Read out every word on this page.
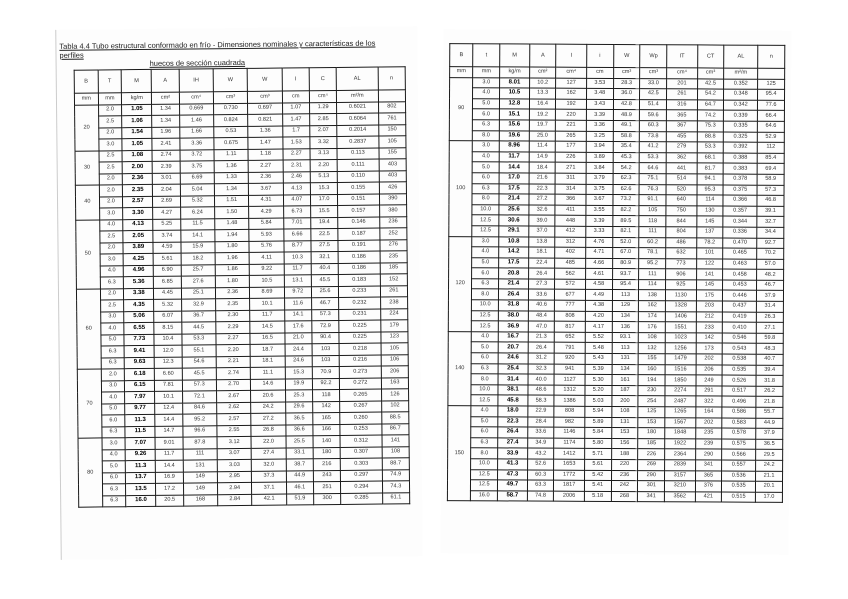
Tabla 4.4 Tubo estructural conformado en frío - Dimensiones nominales y características de los perfiles
huecos de sección cuadrada
B	T	M	A	IH	W	W	I	C	AL	n
mm	mm	kg/m	cm²	cm⁴	cm³	cm³	cm	cm⁴	m²/m	
20	2.0	1.05	1.34	0.669	0.730	0.697	1.07	1.29	0.6021	802
	2.5	1.06	1.34	1.46	0.824	0.821	1.47	2.85	0.6064	761
	2.0	1.54	1.96	1.66	0.53	1.36	1.7	2.07	0.2014	150
	3.0	1.05	2.41	3.36	0.675	1.47	1.53	3.32	0.2837	105
30	2.5	1.08	2.74	3.72	1.11	1.18	2.27	3.13	0.113	155
	2.5	2.00	2.39	3.75	1.36	2.27	2.31	2.20	0.111	403
	2.0	2.36	3.01	6.69	1.33	2.36	2.46	5.13	0.110	403
40	2.0	2.35	2.04	5.04	1.34	3.67	4.13	15.3	0.155	426
	2.0	2.57	2.69	5.32	1.51	4.31	4.07	17.0	0.151	390
	3.0	3.30	4.27	6.24	1.50	4.29	6.73	15.5	0.157	380
50	4.0	4.13	5.25	11.5	1.48	5.84	7.01	19.4	0.146	236
	2.5	2.05	3.74	14.1	1.94	5.93	6.66	22.5	0.187	252
	2.0	3.89	4.59	15.9	1.80	5.76	8.77	27.5	0.191	276
	3.0	4.25	5.61	18.2	1.96	4.11	10.3	32.1	0.186	235
	4.0	4.96	6.90	25.7	1.86	9.22	11.7	40.4	0.186	185
	6.3	5.36	6.85	27.6	1.80	10.5	13.1	45.5	0.183	152
60	2.0	3.38	4.45	25.1	2.36	8.69	9.72	25.6	0.233	261
	2.5	4.35	5.32	32.9	2.35	10.1	11.6	46.7	0.232	238
	3.0	5.06	6.07	36.7	2.30	11.7	14.1	57.3	0.231	224
	4.0	6.55	8.15	44.5	2.29	14.5	17.6	72.9	0.225	179
	5.0	7.73	10.4	53.3	2.27	16.5	21.0	90.4	0.225	123
	6.3	9.41	12.0	55.1	2.20	18.7	24.4	103	0.218	105
	6.3	9.63	12.3	54.6	2.21	18.1	24.6	103	0.216	106
70	2.0	6.18	6.60	45.5	2.74	11.1	15.3	70.9	0.273	206
	3.0	6.15	7.81	57.3	2.70	14.6	19.9	92.2	0.272	163
	4.0	7.97	10.1	72.1	2.67	20.6	25.3	118	0.265	126
	5.0	9.77	12.4	84.6	2.62	24.2	29.6	142	0.267	102
	6.0	11.3	14.4	95.2	2.57	27.2	36.5	165	0.260	88.5
	6.3	11.5	14.7	96.6	2.55	26.8	36.6	166	0.253	86.7
80	3.0	7.07	9.01	87.8	3.12	22.0	25.5	140	0.312	141
	4.0	9.26	11.7	111	3.07	27.4	33.1	180	0.307	108
	5.0	11.3	14.4	131	3.03	32.0	38.7	216	0.303	88.7
	6.0	13.7	16.9	149	2.95	37.3	44.9	243	0.297	74.9
	6.3	13.5	17.2	149	2.94	37.1	46.1	251	0.294	74.3
	6.3	16.0	20.5	168	2.84	42.1	51.9	300	0.285	61.1
B	t	M	A	I	i	W	Wp	IT	CT	AL	n
mm	mm	kg/m	cm²	cm⁴	cm	cm³	cm³	cm⁴	cm³	m²/m	
90	3.0	8.01	10.2	127	3.53	28.3	33.0	201	42.5	0.352	125
	4.0	10.5	13.3	162	3.48	36.0	42.5	261	54.2	0.348	95.4
	5.0	12.8	16.4	192	3.43	42.8	51.4	316	64.7	0.342	77.6
	6.0	15.1	19.2	220	3.39	48.9	59.6	365	74.2	0.339	66.4
	6.3	15.6	19.7	221	3.36	49.1	60.3	367	75.3	0.335	64.6
	8.0	19.6	25.0	265	3.25	58.8	73.8	455	88.8	0.325	52.9
100	3.0	8.96	11.4	177	3.94	35.4	41.2	279	53.3	0.392	112
	4.0	11.7	14.9	226	3.89	45.3	53.3	362	68.1	0.388	85.4
	5.0	14.4	18.4	271	3.84	54.2	64.6	441	81.7	0.383	69.4
	6.0	17.0	21.6	311	3.79	62.3	75.1	514	94.1	0.378	58.9
	6.3	17.5	22.3	314	3.75	62.6	76.3	520	95.3	0.375	57.3
	8.0	21.4	27.2	366	3.67	73.2	91.1	640	114	0.366	46.8
	10.0	25.6	32.6	411	3.55	82.2	105	750	130	0.357	39.1
	12.5	30.6	39.0	448	3.39	89.5	118	844	145	0.344	32.7
	12.5	29.1	37.0	412	3.33	82.1	111	804	137	0.336	34.4
120	3.0	10.8	13.8	312	4.76	52.0	60.2	486	78.2	0.470	92.7
	4.0	14.2	18.1	402	4.71	67.0	78.1	632	101	0.465	70.2
	5.0	17.5	22.4	485	4.66	80.9	95.2	773	122	0.463	57.0
	6.0	20.8	26.4	562	4.61	93.7	111	906	141	0.458	48.2
	6.3	21.4	27.3	572	4.58	95.4	114	925	145	0.453	46.7
	8.0	26.4	33.6	677	4.49	113	138	1130	175	0.446	37.9
	10.0	31.8	40.6	777	4.38	129	162	1328	203	0.437	31.4
	12.5	38.0	48.4	808	4.20	134	174	1406	212	0.419	26.3
	12.5	36.9	47.0	817	4.17	136	176	1551	233	0.410	27.1
140	4.0	16.7	21.3	652	5.52	93.1	108	1023	142	0.546	59.8
	5.0	20.7	26.4	791	5.48	113	132	1256	173	0.543	48.3
	6.0	24.6	31.2	920	5.43	131	155	1479	202	0.538	40.7
	6.3	25.4	32.3	941	5.39	134	160	1516	206	0.535	39.4
	8.0	31.4	40.0	1127	5.30	161	194	1850	249	0.526	31.8
	10.0	38.1	48.6	1312	5.20	187	230	2274	291	0.517	26.2
	12.5	45.8	58.3	1386	5.03	200	254	2487	322	0.496	21.8
150	4.0	18.0	22.9	808	5.94	108	125	1265	164	0.586	55.7
	5.0	22.3	28.4	982	5.89	131	153	1567	202	0.583	44.9
	6.0	26.4	33.6	1146	5.84	153	180	1848	235	0.578	37.9
	6.3	27.4	34.9	1174	5.80	156	185	1922	239	0.575	36.5
	8.0	33.9	43.2	1412	5.71	188	226	2364	290	0.566	29.5
	10.0	41.3	52.6	1653	5.61	220	269	2839	341	0.557	24.2
	12.5	47.3	60.3	1772	5.42	236	290	3157	365	0.536	21.1
	12.5	49.7	63.3	1817	5.41	242	301	3210	376	0.535	20.1
	16.0	58.7	74.8	2006	5.18	268	341	3562	421	0.515	17.0
